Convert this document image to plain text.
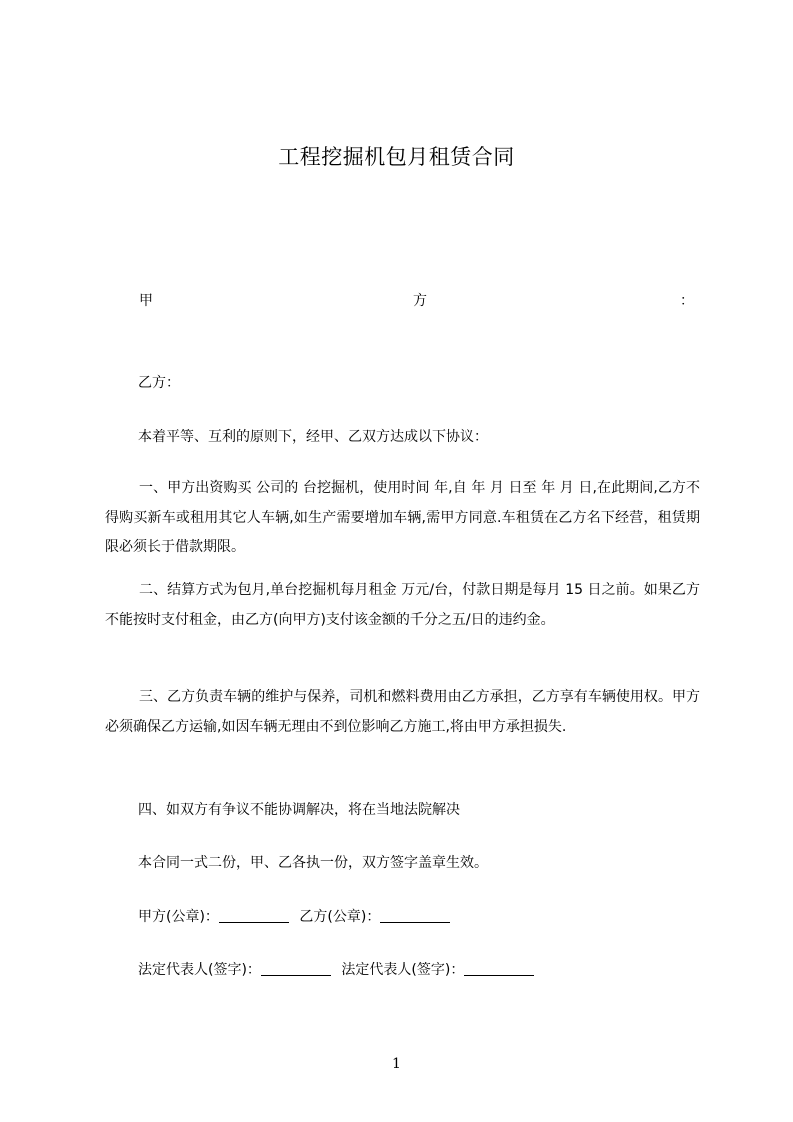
工程挖掘机包月租赁合同
甲	方	：

乙方：

本着平等、互利的原则下，经甲、乙双方达成以下协议：

一、甲方出资购买 公司的 台挖掘机，使用时间 年,自 年 月 日至 年 月 日,在此期间,乙方不得购买新车或租用其它人车辆,如生产需要增加车辆,需甲方同意.车租赁在乙方名下经营，租赁期限必须长于借款期限。

二、结算方式为包月,单台挖掘机每月租金 万元/台，付款日期是每月 15 日之前。如果乙方不能按时支付租金，由乙方(向甲方)支付该金额的千分之五/日的违约金。

三、乙方负责车辆的维护与保养，司机和燃料费用由乙方承担，乙方享有车辆使用权。甲方必须确保乙方运输,如因车辆无理由不到位影响乙方施工,将由甲方承担损失.

四、如双方有争议不能协调解决，将在当地法院解决

本合同一式二份，甲、乙各执一份，双方签字盖章生效。

甲方(公章)：	乙方(公章)：

法定代表人(签字)：	法定代表人(签字)：

1
